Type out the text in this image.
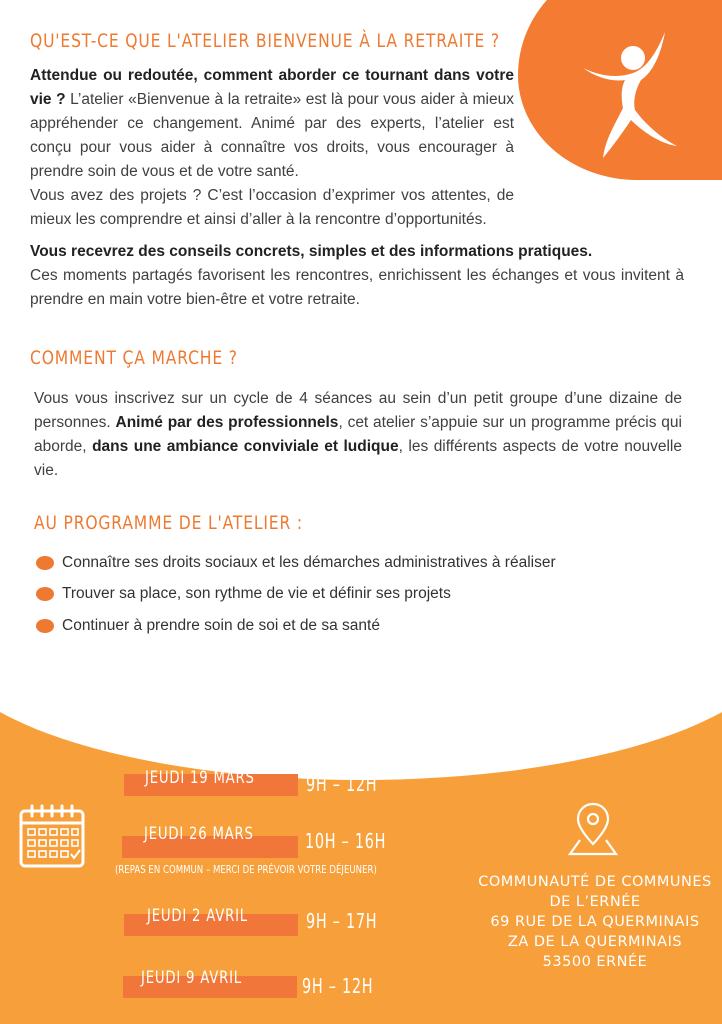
QU'EST-CE QUE L'ATELIER BIENVENUE À LA RETRAITE ?

Attendue ou redoutée, comment aborder ce tournant dans votre vie ? L’atelier «Bienvenue à la retraite» est là pour vous aider à mieux appréhender ce changement. Animé par des experts, l’atelier est conçu pour vous aider à connaître vos droits, vous encourager à prendre soin de vous et de votre santé.

Vous avez des projets ? C’est l’occasion d’exprimer vos attentes, de mieux les comprendre et ainsi d’aller à la rencontre d’opportunités.

Vous recevrez des conseils concrets, simples et des informations pratiques.
Ces moments partagés favorisent les rencontres, enrichissent les échanges et vous invitent à prendre en main votre bien-être et votre retraite.

COMMENT ÇA MARCHE ?

Vous vous inscrivez sur un cycle de 4 séances au sein d’un petit groupe d’une dizaine de personnes. Animé par des professionnels, cet atelier s’appuie sur un programme précis qui aborde, dans une ambiance conviviale et ludique, les différents aspects de votre nouvelle vie.

AU PROGRAMME DE L'ATELIER :
Connaître ses droits sociaux et les démarches administratives à réaliser
Trouver sa place, son rythme de vie et définir ses projets
Continuer à prendre soin de soi et de sa santé
JEUDI 19 MARS	9H – 12H
JEUDI 26 MARS	10H – 16H
(REPAS EN COMMUN – MERCI DE PRÉVOIR VOTRE DÉJEUNER)
JEUDI 2 AVRIL	9H – 17H
JEUDI 9 AVRIL	9H – 12H
COMMUNAUTÉ DE COMMUNES
DE L’ERNÉE
69 RUE DE LA QUERMINAIS
ZA DE LA QUERMINAIS
53500 ERNÉE
